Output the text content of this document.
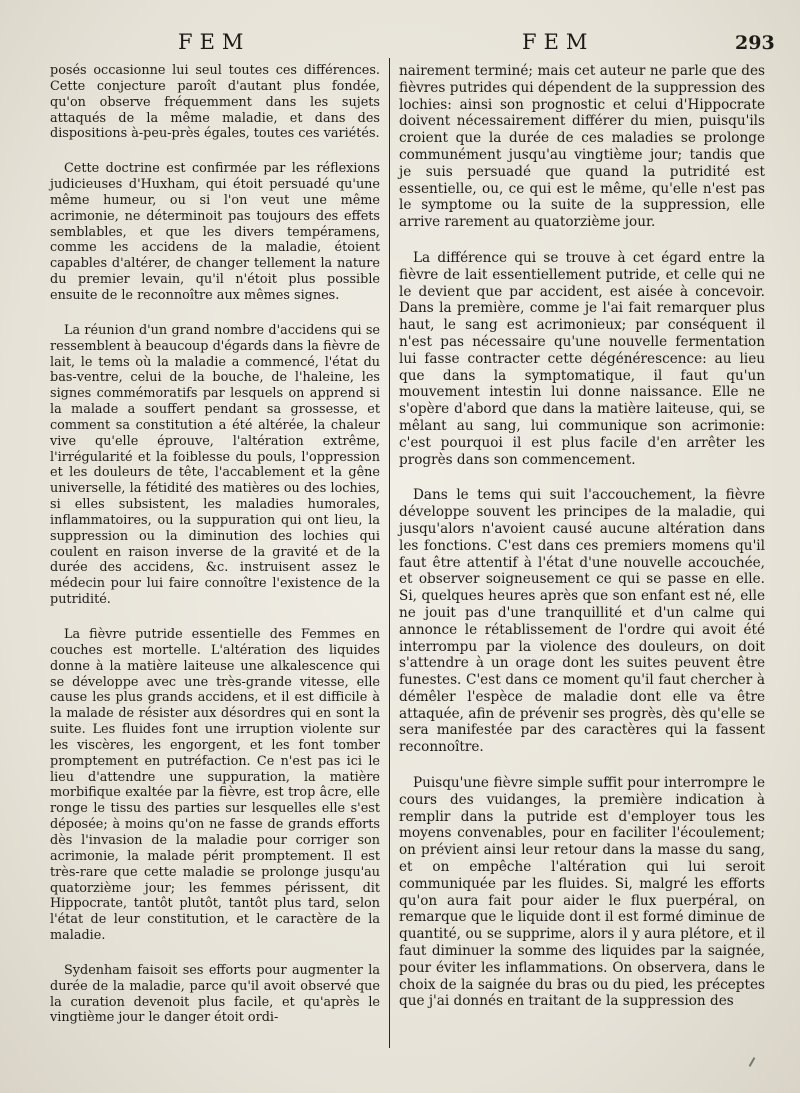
FEM	FEM	293

posés occasionne lui seul toutes ces différences. Cette conjecture paroît d'autant plus fondée, qu'on observe fréquemment dans les sujets attaqués de la même maladie, et dans des dispositions à-peu-près égales, toutes ces variétés.

Cette doctrine est confirmée par les réflexions judicieuses d'Huxham, qui étoit persuadé qu'une même humeur, ou si l'on veut une même acrimonie, ne déterminoit pas toujours des effets semblables, et que les divers tempéramens, comme les accidens de la maladie, étoient capables d'altérer, de changer tellement la nature du premier levain, qu'il n'étoit plus possible ensuite de le reconnoître aux mêmes signes.

La réunion d'un grand nombre d'accidens qui se ressemblent à beaucoup d'égards dans la fièvre de lait, le tems où la maladie a commencé, l'état du bas-ventre, celui de la bouche, de l'haleine, les signes commémoratifs par lesquels on apprend si la malade a souffert pendant sa grossesse, et comment sa constitution a été altérée, la chaleur vive qu'elle éprouve, l'altération extrême, l'irrégularité et la foiblesse du pouls, l'oppression et les douleurs de tête, l'accablement et la gêne universelle, la fétidité des matières ou des lochies, si elles subsistent, les maladies humorales, inflammatoires, ou la suppuration qui ont lieu, la suppression ou la diminution des lochies qui coulent en raison inverse de la gravité et de la durée des accidens, &c. instruisent assez le médecin pour lui faire connoître l'existence de la putridité.

La fièvre putride essentielle des Femmes en couches est mortelle. L'altération des liquides donne à la matière laiteuse une alkalescence qui se développe avec une très-grande vitesse, elle cause les plus grands accidens, et il est difficile à la malade de résister aux désordres qui en sont la suite. Les fluides font une irruption violente sur les viscères, les engorgent, et les font tomber promptement en putréfaction. Ce n'est pas ici le lieu d'attendre une suppuration, la matière morbifique exaltée par la fièvre, est trop âcre, elle ronge le tissu des parties sur lesquelles elle s'est déposée; à moins qu'on ne fasse de grands efforts dès l'invasion de la maladie pour corriger son acrimonie, la malade périt promptement. Il est très-rare que cette maladie se prolonge jusqu'au quatorzième jour; les femmes périssent, dit Hippocrate, tantôt plutôt, tantôt plus tard, selon l'état de leur constitution, et le caractère de la maladie.

Sydenham faisoit ses efforts pour augmenter la durée de la maladie, parce qu'il avoit observé que la curation devenoit plus facile, et qu'après le vingtième jour le danger étoit ordi-

nairement terminé; mais cet auteur ne parle que des fièvres putrides qui dépendent de la suppression des lochies: ainsi son prognostic et celui d'Hippocrate doivent nécessairement différer du mien, puisqu'ils croient que la durée de ces maladies se prolonge communément jusqu'au vingtième jour; tandis que je suis persuadé que quand la putridité est essentielle, ou, ce qui est le même, qu'elle n'est pas le symptome ou la suite de la suppression, elle arrive rarement au quatorzième jour.

La différence qui se trouve à cet égard entre la fièvre de lait essentiellement putride, et celle qui ne le devient que par accident, est aisée à concevoir. Dans la première, comme je l'ai fait remarquer plus haut, le sang est acrimonieux; par conséquent il n'est pas nécessaire qu'une nouvelle fermentation lui fasse contracter cette dégénérescence: au lieu que dans la symptomatique, il faut qu'un mouvement intestin lui donne naissance. Elle ne s'opère d'abord que dans la matière laiteuse, qui, se mêlant au sang, lui communique son acrimonie: c'est pourquoi il est plus facile d'en arrêter les progrès dans son commencement.

Dans le tems qui suit l'accouchement, la fièvre développe souvent les principes de la maladie, qui jusqu'alors n'avoient causé aucune altération dans les fonctions. C'est dans ces premiers momens qu'il faut être attentif à l'état d'une nouvelle accouchée, et observer soigneusement ce qui se passe en elle. Si, quelques heures après que son enfant est né, elle ne jouit pas d'une tranquillité et d'un calme qui annonce le rétablissement de l'ordre qui avoit été interrompu par la violence des douleurs, on doit s'attendre à un orage dont les suites peuvent être funestes. C'est dans ce moment qu'il faut chercher à démêler l'espèce de maladie dont elle va être attaquée, afin de prévenir ses progrès, dès qu'elle se sera manifestée par des caractères qui la fassent reconnoître.

Puisqu'une fièvre simple suffit pour interrompre le cours des vuidanges, la première indication à remplir dans la putride est d'employer tous les moyens convenables, pour en faciliter l'écoulement; on prévient ainsi leur retour dans la masse du sang, et on empêche l'altération qui lui seroit communiquée par les fluides. Si, malgré les efforts qu'on aura fait pour aider le flux puerpéral, on remarque que le liquide dont il est formé diminue de quantité, ou se supprime, alors il y aura plétore, et il faut diminuer la somme des liquides par la saignée, pour éviter les inflammations. On observera, dans le choix de la saignée du bras ou du pied, les préceptes que j'ai donnés en traitant de la suppression des
